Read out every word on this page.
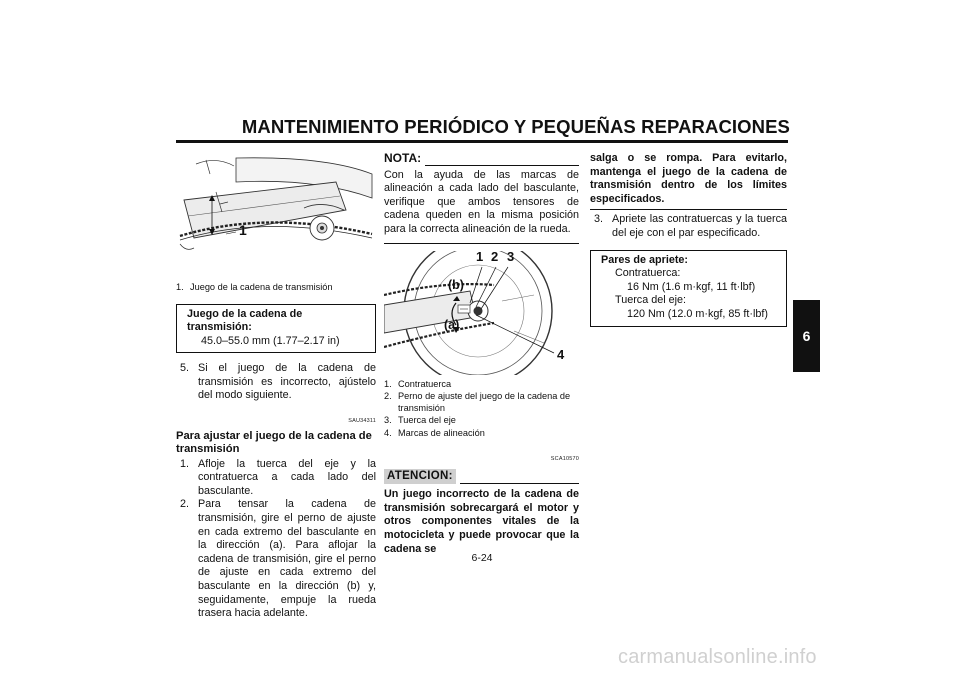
MANTENIMIENTO PERIÓDICO Y PEQUEÑAS REPARACIONES
6
1
1. Juego de la cadena de transmisión
Juego de la cadena de transmisión:
45.0–55.0 mm (1.77–2.17 in)
5. Si el juego de la cadena de transmisión es incorrecto, ajústelo del modo siguiente.
SAU34311
Para ajustar el juego de la cadena de transmisión
1. Afloje la tuerca del eje y la contratuerca a cada lado del basculante.
2. Para tensar la cadena de transmisión, gire el perno de ajuste en cada extremo del basculante en la dirección (a). Para aflojar la cadena de transmisión, gire el perno de ajuste en cada extremo del basculante en la dirección (b) y, seguidamente, empuje la rueda trasera hacia adelante.
NOTA:
Con la ayuda de las marcas de alineación a cada lado del basculante, verifique que ambos tensores de cadena queden en la misma posición para la correcta alineación de la rueda.
1 2 3
4
(b)
(a)
1. Contratuerca
2. Perno de ajuste del juego de la cadena de transmisión
3. Tuerca del eje
4. Marcas de alineación
SCA10570
ATENCION:
Un juego incorrecto de la cadena de transmisión sobrecargará el motor y otros componentes vitales de la motocicleta y puede provocar que la cadena se
salga o se rompa. Para evitarlo, mantenga el juego de la cadena de transmisión dentro de los límites especificados.
3. Apriete las contratuercas y la tuerca del eje con el par especificado.
Pares de apriete:
Contratuerca:
16 Nm (1.6 m·kgf, 11 ft·lbf)
Tuerca del eje:
120 Nm (12.0 m·kgf, 85 ft·lbf)
6-24
carmanualsonline.info
